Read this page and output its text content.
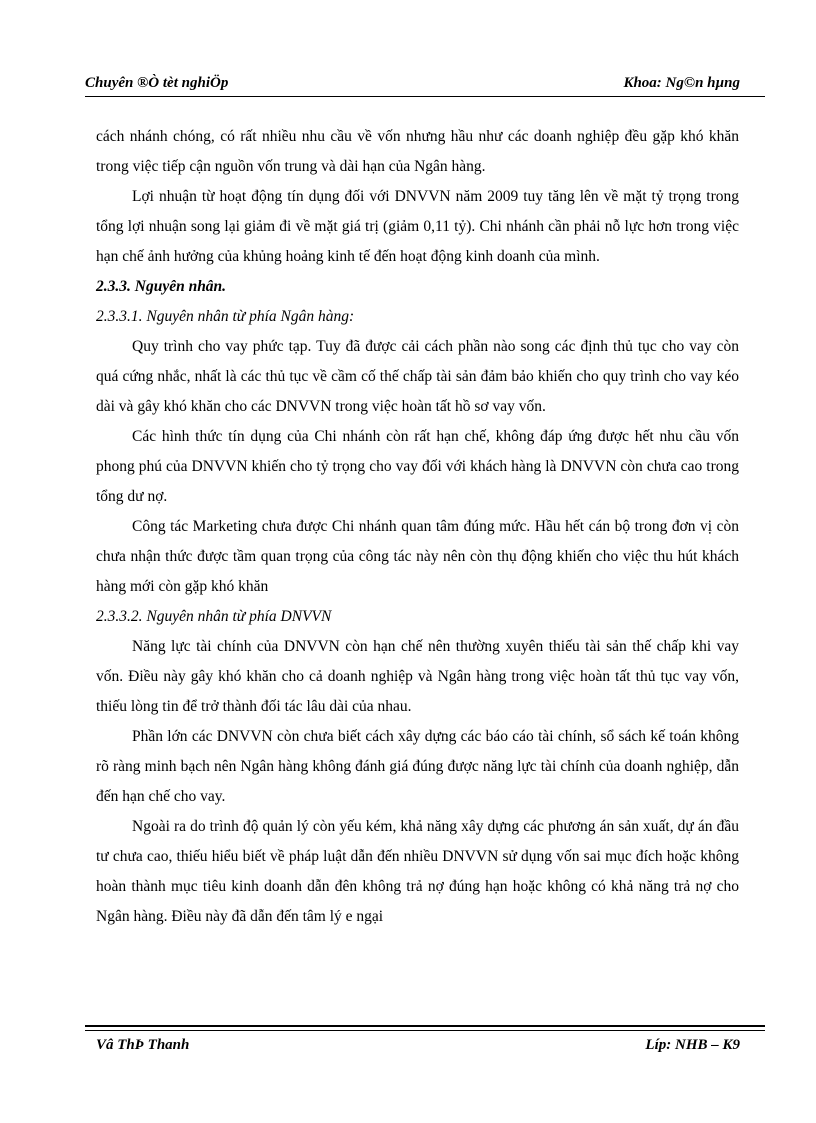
Chuyên ®Ò tèt nghiÖp	Khoa: Ng©n hµng

cách nhánh chóng, có rất nhiều nhu cầu về vốn nhưng hầu như các doanh nghiệp đều gặp khó khăn trong việc tiếp cận nguồn vốn trung và dài hạn của Ngân hàng.

Lợi nhuận từ hoạt động tín dụng đối với DNVVN năm 2009 tuy tăng lên về mặt tỷ trọng trong tổng lợi nhuận song lại giảm đi về mặt giá trị (giảm 0,11 tỷ). Chi nhánh cần phải nỗ lực hơn trong việc hạn chế ảnh hưởng của khủng hoảng kinh tế đến hoạt động kinh doanh của mình.

2.3.3. Nguyên nhân.
2.3.3.1. Nguyên nhân từ phía Ngân hàng:

Quy trình cho vay phức tạp. Tuy đã được cải cách phần nào song các định thủ tục cho vay còn quá cứng nhắc, nhất là các thủ tục về cầm cố thế chấp tài sản đảm bảo khiến cho quy trình cho vay kéo dài và gây khó khăn cho các DNVVN trong việc hoàn tất hồ sơ vay vốn.

Các hình thức tín dụng của Chi nhánh còn rất hạn chế, không đáp ứng được hết nhu cầu vốn phong phú của DNVVN khiến cho tỷ trọng cho vay đối với khách hàng là DNVVN còn chưa cao trong tổng dư nợ.

Công tác Marketing chưa được Chi nhánh quan tâm đúng mức. Hầu hết cán bộ trong đơn vị còn chưa nhận thức được tầm quan trọng của công tác này nên còn thụ động khiến cho việc thu hút khách hàng mới còn gặp khó khăn

2.3.3.2. Nguyên nhân từ phía DNVVN

Năng lực tài chính của DNVVN còn hạn chế nên thường xuyên thiếu tài sản thế chấp khi vay vốn. Điều này gây khó khăn cho cả doanh nghiệp và Ngân hàng trong việc hoàn tất thủ tục vay vốn, thiếu lòng tin để trở thành đối tác lâu dài của nhau.

Phần lớn các DNVVN còn chưa biết cách xây dựng các báo cáo tài chính, sổ sách kế toán không rõ ràng minh bạch nên Ngân hàng không đánh giá đúng được năng lực tài chính của doanh nghiệp, dẫn đến hạn chế cho vay.

Ngoài ra do trình độ quản lý còn yếu kém, khả năng xây dựng các phương án sản xuất, dự án đầu tư chưa cao, thiếu hiểu biết về pháp luật dẫn đến nhiều DNVVN sử dụng vốn sai mục đích hoặc không hoàn thành mục tiêu kinh doanh dẫn đên không trả nợ đúng hạn hoặc không có khả năng trả nợ cho Ngân hàng. Điều này đã dẫn đến tâm lý e ngại

Vâ ThÞ Thanh	Líp: NHB – K9
